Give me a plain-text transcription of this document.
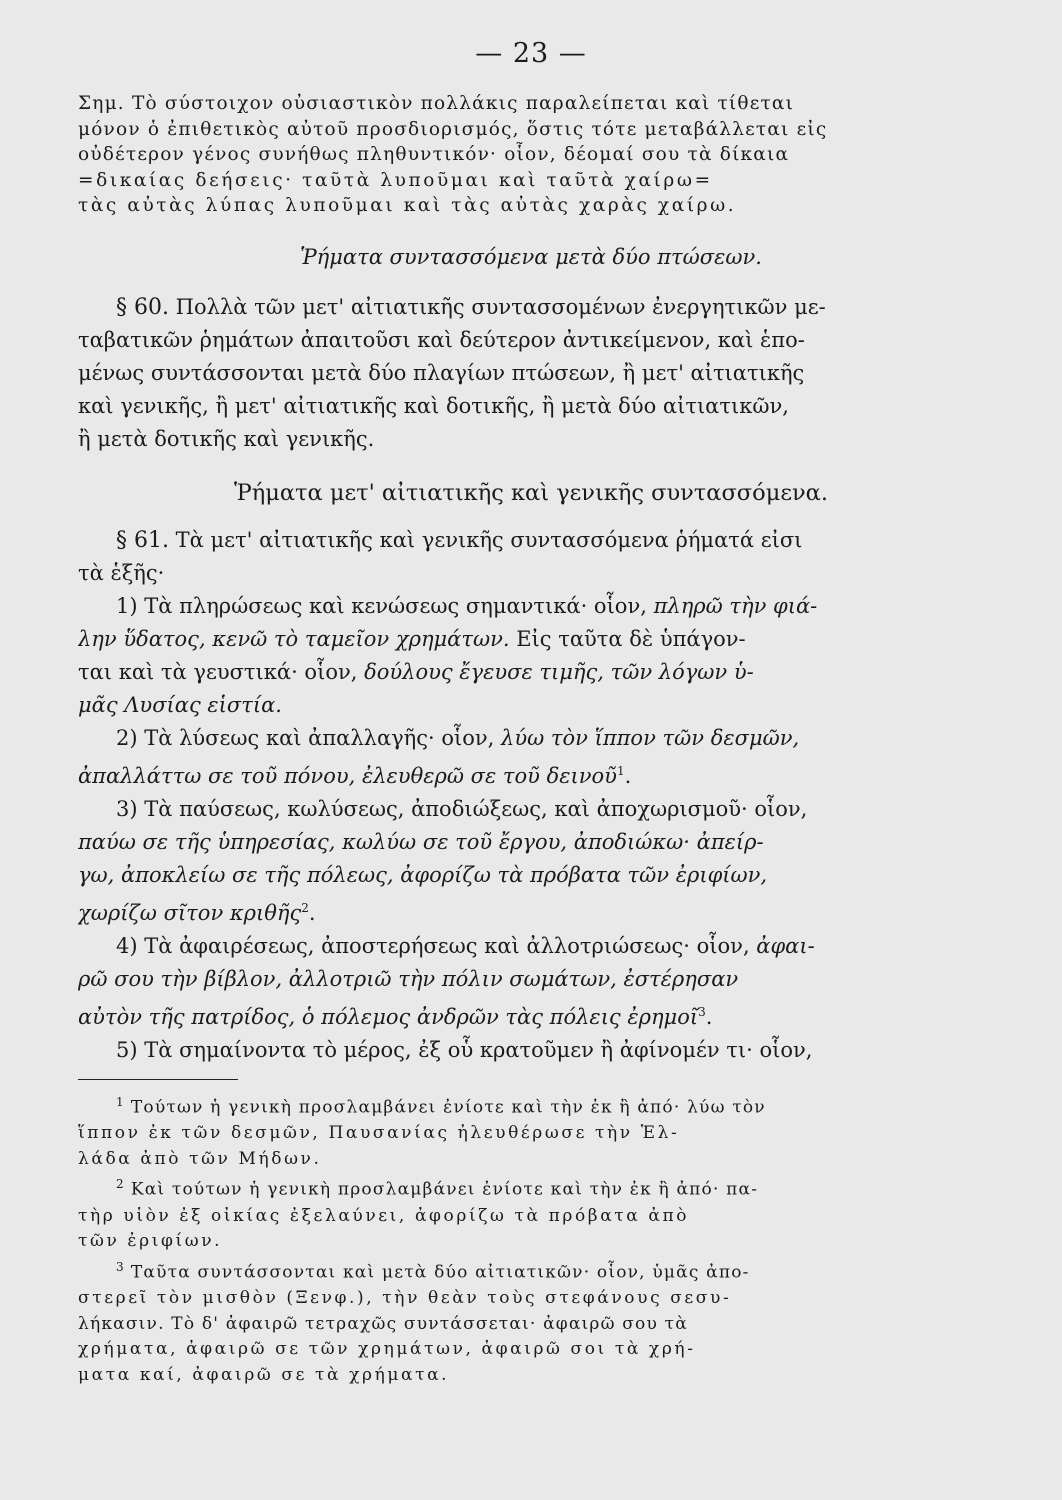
— 23 —
Σημ. Τὸ σύστοιχον οὐσιαστικὸν πολλάκις παραλείπεται καὶ τίθεται
μόνον ὁ ἐπιθετικὸς αὐτοῦ προσδιορισμός, ὅστις τότε μεταβάλλεται εἰς
οὐδέτερον γένος συνήθως πληθυντικόν· οἷον, δέομαί σου τὰ δίκαια
=δικαίας δεήσεις· ταῦτὰ λυποῦμαι καὶ ταῦτὰ χαίρω=
τὰς αὐτὰς λύπας λυποῦμαι καὶ τὰς αὐτὰς χαρὰς χαίρω.
Ῥήματα συντασσόμενα μετὰ δύο πτώσεων.
§ 60. Πολλὰ τῶν μετ' αἰτιατικῆς συντασσομένων ἐνεργητικῶν με-
ταβατικῶν ῥημάτων ἀπαιτοῦσι καὶ δεύτερον ἀντικείμενον, καὶ ἑπο-
μένως συντάσσονται μετὰ δύο πλαγίων πτώσεων, ἢ μετ' αἰτιατικῆς
καὶ γενικῆς, ἢ μετ' αἰτιατικῆς καὶ δοτικῆς, ἢ μετὰ δύο αἰτιατικῶν,
ἢ μετὰ δοτικῆς καὶ γενικῆς.
Ῥήματα μετ' αἰτιατικῆς καὶ γενικῆς συντασσόμενα.
§ 61. Τὰ μετ' αἰτιατικῆς καὶ γενικῆς συντασσόμενα ῥήματά εἰσι
τὰ ἑξῆς·
1) Τὰ πληρώσεως καὶ κενώσεως σημαντικά· οἷον, πληρῶ τὴν φιά-
λην ὕδατος, κενῶ τὸ ταμεῖον χρημάτων. Εἰς ταῦτα δὲ ὑπάγον-
ται καὶ τὰ γευστικά· οἷον, δούλους ἔγευσε τιμῆς, τῶν λόγων ὑ-
μᾶς Λυσίας εἱστία.
2) Τὰ λύσεως καὶ ἀπαλλαγῆς· οἷον, λύω τὸν ἵππον τῶν δεσμῶν,
ἀπαλλάττω σε τοῦ πόνου, ἐλευθερῶ σε τοῦ δεινοῦ$^1$.
3) Τὰ παύσεως, κωλύσεως, ἀποδιώξεως, καὶ ἀποχωρισμοῦ· οἷον,
παύω σε τῆς ὑπηρεσίας, κωλύω σε τοῦ ἔργου, ἀποδιώκω· ἀπείρ-
γω, ἀποκλείω σε τῆς πόλεως, ἀφορίζω τὰ πρόβατα τῶν ἐριφίων,
χωρίζω σῖτον κριθῆς$^2$.
4) Τὰ ἀφαιρέσεως, ἀποστερήσεως καὶ ἀλλοτριώσεως· οἷον, ἀφαι-
ρῶ σου τὴν βίβλον, ἀλλοτριῶ τὴν πόλιν σωμάτων, ἐστέρησαν
αὐτὸν τῆς πατρίδος, ὁ πόλεμος ἀνδρῶν τὰς πόλεις ἐρημοῖ$^3$.
5) Τὰ σημαίνοντα τὸ μέρος, ἐξ οὗ κρατοῦμεν ἢ ἀφίνομέν τι· οἷον,
$^1$ Τούτων ἡ γενικὴ προσλαμβάνει ἐνίοτε καὶ τὴν ἐκ ἢ ἀπό· λύω τὸν
ἵππον ἐκ τῶν δεσμῶν, Παυσανίας ἠλευθέρωσε τὴν Ἑλ-
λάδα ἀπὸ τῶν Μήδων.
$^2$ Καὶ τούτων ἡ γενικὴ προσλαμβάνει ἐνίοτε καὶ τὴν ἐκ ἢ ἀπό· πα-
τὴρ υἱὸν ἐξ οἰκίας ἐξελαύνει, ἀφορίζω τὰ πρόβατα ἀπὸ
τῶν ἐριφίων.
$^3$ Ταῦτα συντάσσονται καὶ μετὰ δύο αἰτιατικῶν· οἷον, ὑμᾶς ἀπο-
στερεῖ τὸν μισθὸν (Ξενφ.), τὴν θεὰν τοὺς στεφάνους σεσυ-
λήκασιν. Τὸ δ' ἀφαιρῶ τετραχῶς συντάσσεται· ἀφαιρῶ σου τὰ
χρήματα, ἀφαιρῶ σε τῶν χρημάτων, ἀφαιρῶ σοι τὰ χρή-
ματα καί, ἀφαιρῶ σε τὰ χρήματα.
